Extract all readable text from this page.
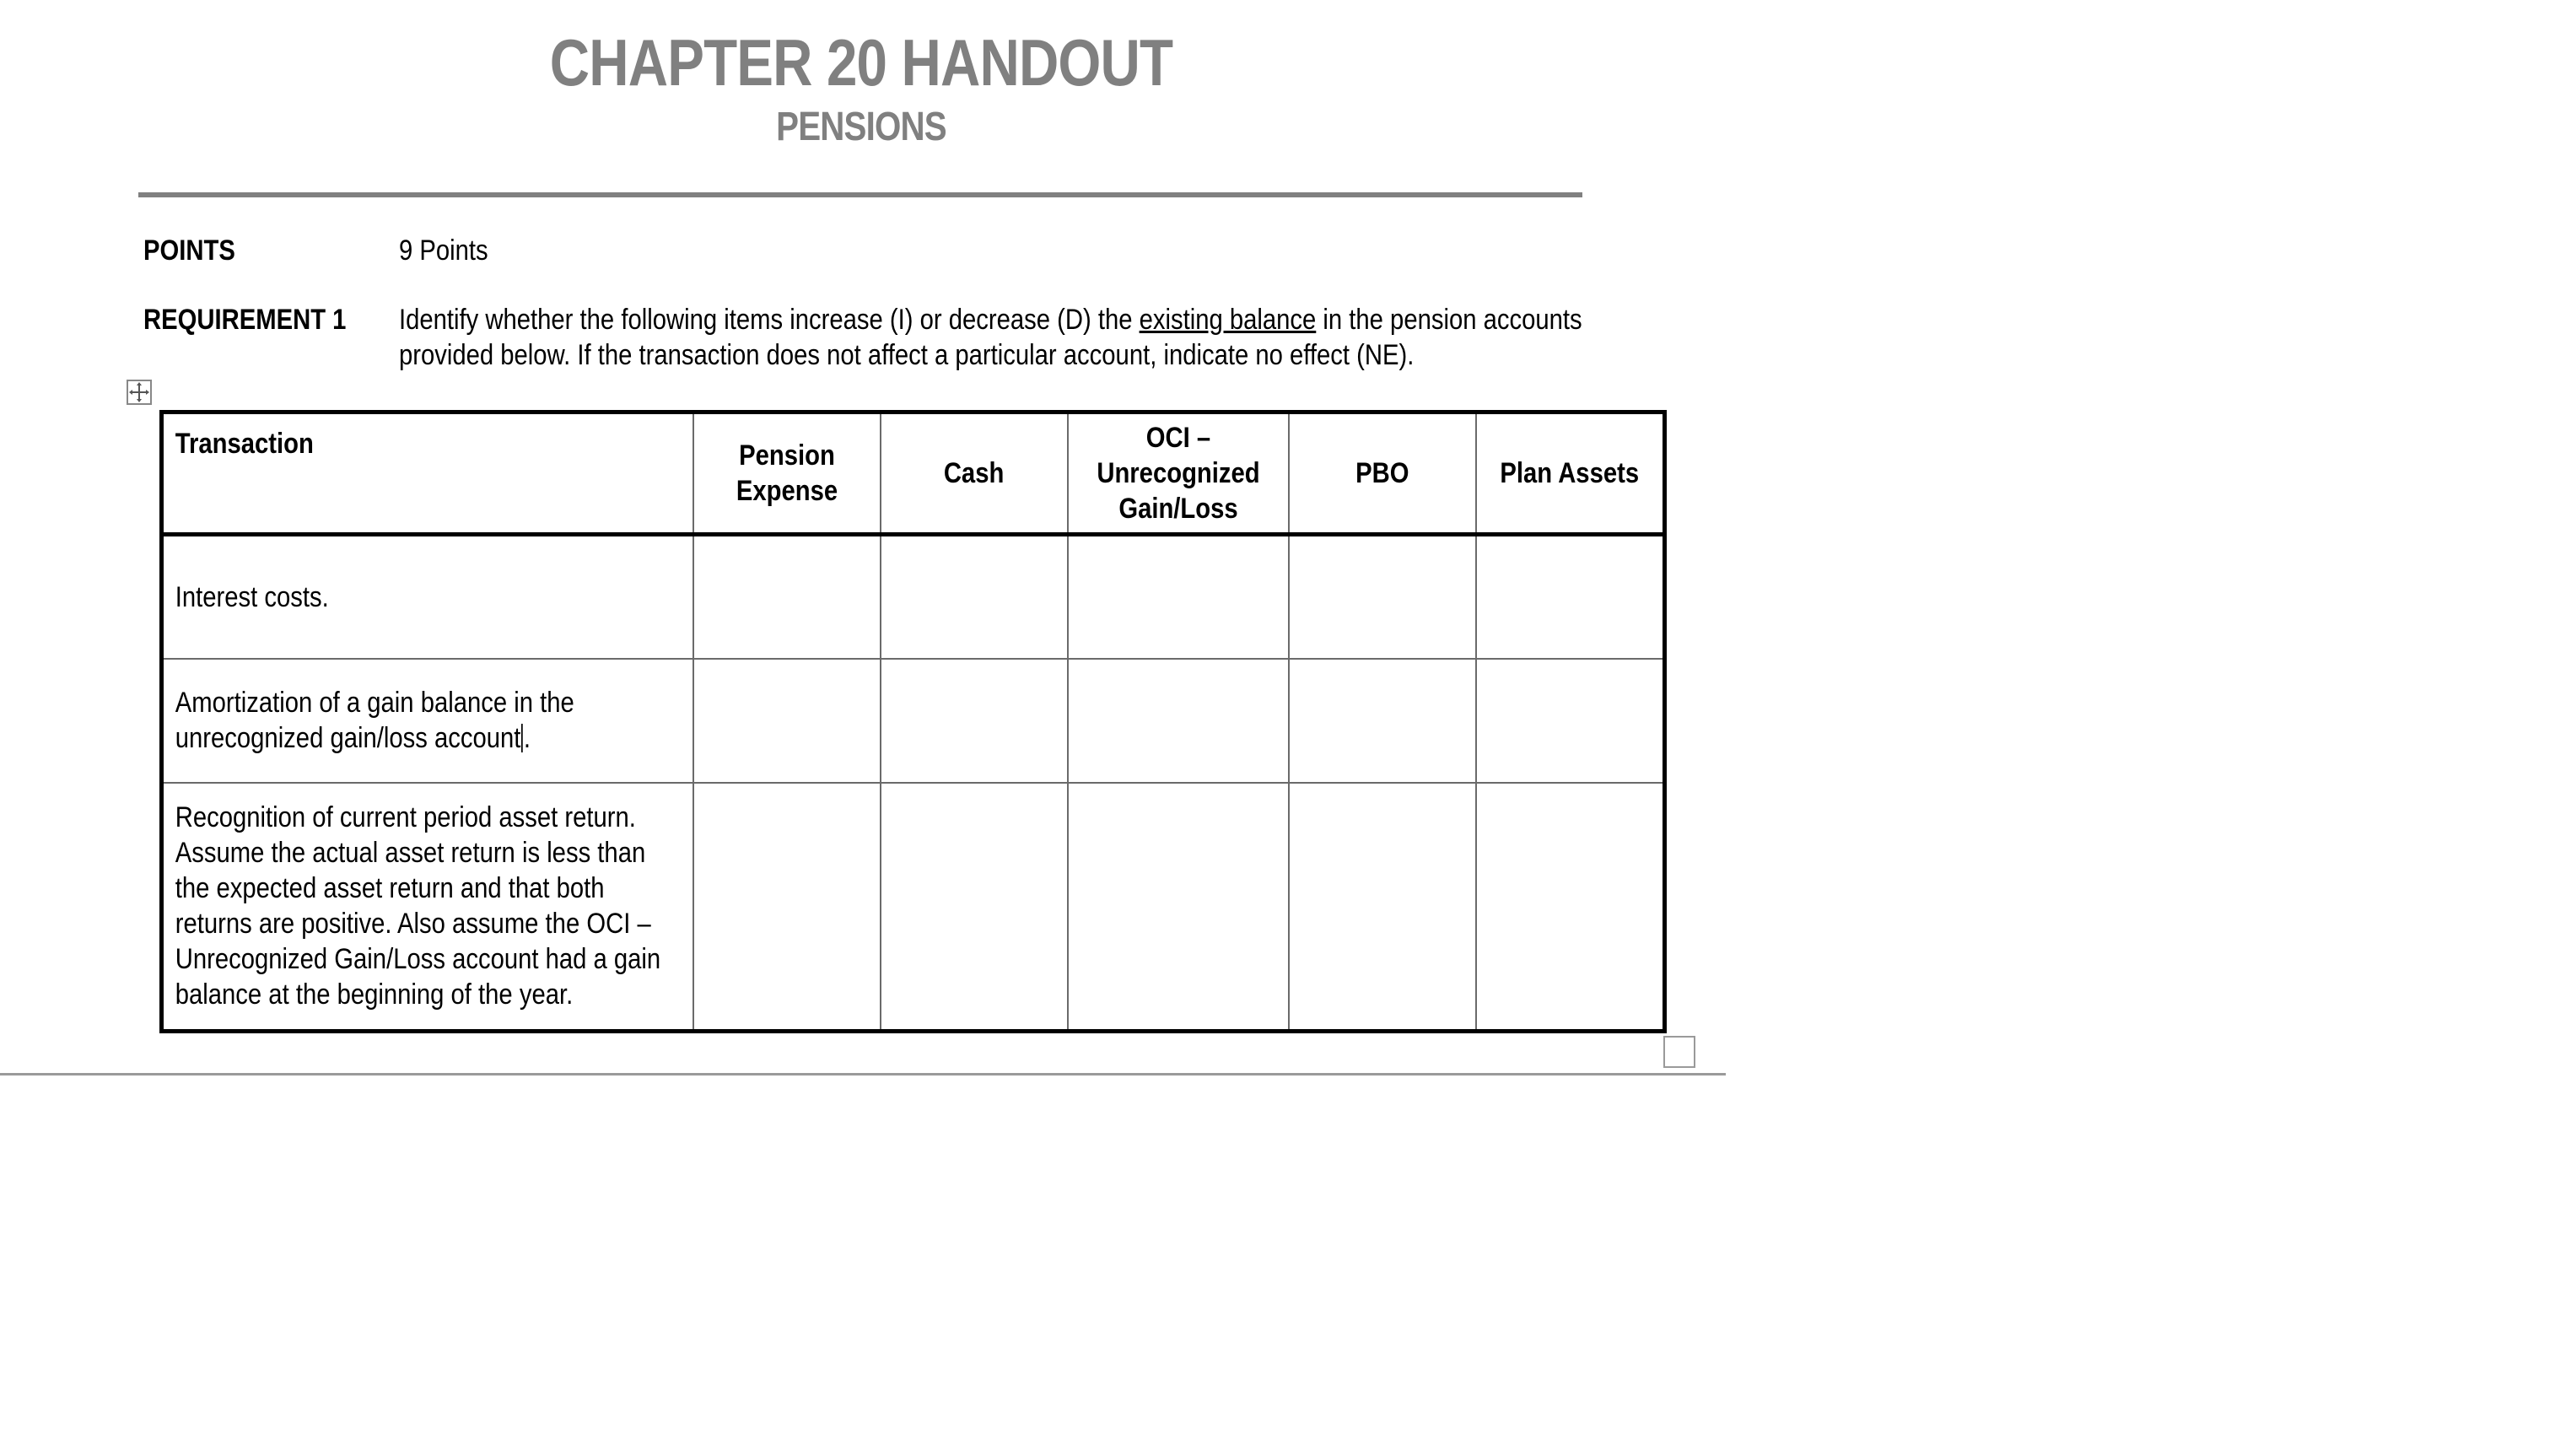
CHAPTER 20 HANDOUT
PENSIONS
POINTS	9 Points
REQUIREMENT 1 Identify whether the following items increase (I) or decrease (D) the existing balance in the pension accounts provided below. If the transaction does not affect a particular account, indicate no effect (NE).
Transaction	Pension Expense	Cash	OCI – Unrecognized Gain/Loss	PBO	Plan Assets

Interest costs.					

Amortization of a gain balance in the unrecognized gain/loss account .					

Recognition of current period asset return. Assume the actual asset return is less than the expected asset return and that both returns are positive. Also assume the OCI – Unrecognized Gain/Loss account had a gain balance at the beginning of the year.					
